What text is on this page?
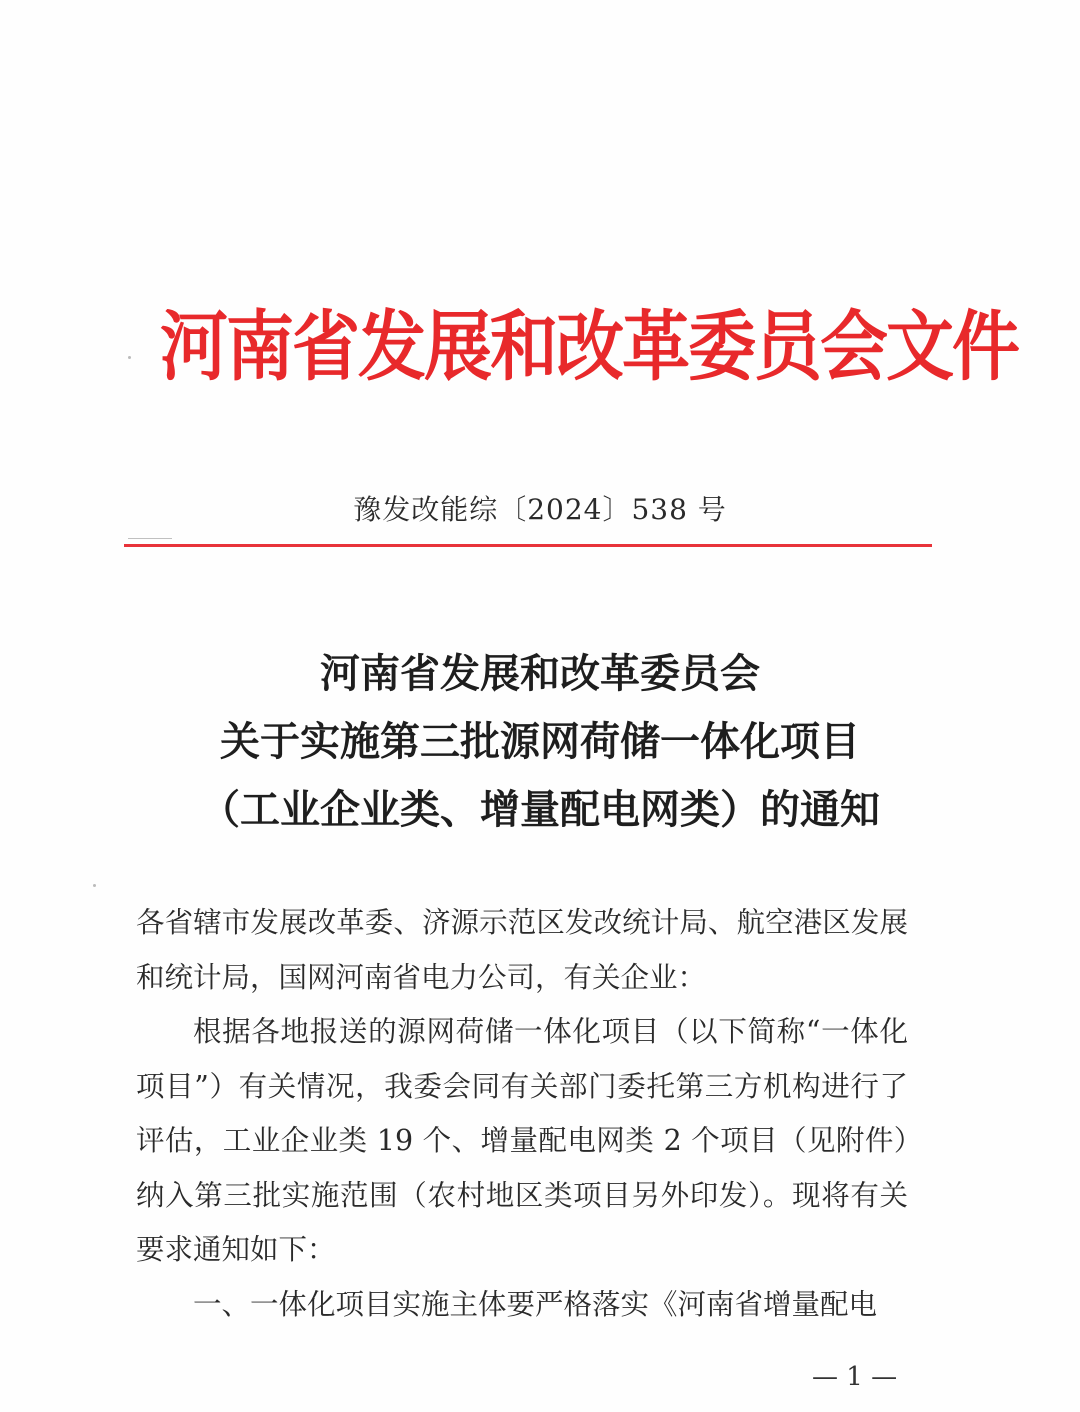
河南省发展和改革委员会文件
豫发改能综〔2024〕538 号
河南省发展和改革委员会
关于实施第三批源网荷储一体化项目
（工业企业类、增量配电网类）的通知

各省辖市发展改革委、济源示范区发改统计局、航空港区发展和统计局，国网河南省电力公司，有关企业：

根据各地报送的源网荷储一体化项目（以下简称“一体化项目”）有关情况，我委会同有关部门委托第三方机构进行了评估，工业企业类 19 个、增量配电网类 2 个项目（见附件）纳入第三批实施范围（农村地区类项目另外印发）。现将有关要求通知如下：

一、一体化项目实施主体要严格落实《河南省增量配电

— 1 —
